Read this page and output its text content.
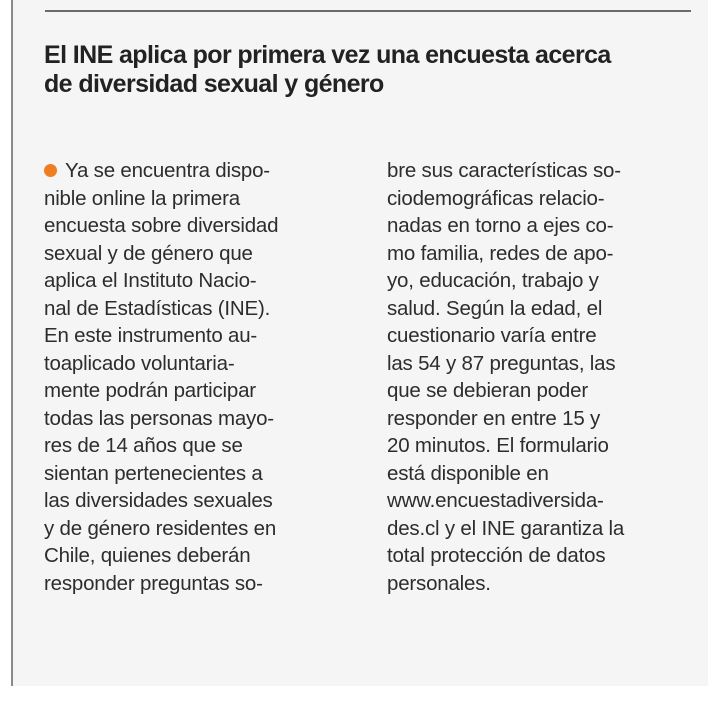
El INE aplica por primera vez una encuesta acerca
de diversidad sexual y género
Ya se encuentra dispo-
nible online la primera
encuesta sobre diversidad
sexual y de género que
aplica el Instituto Nacio-
nal de Estadísticas (INE).
En este instrumento au-
toaplicado voluntaria-
mente podrán participar
todas las personas mayo-
res de 14 años que se
sientan pertenecientes a
las diversidades sexuales
y de género residentes en
Chile, quienes deberán
responder preguntas so-
bre sus características so-
ciodemográficas relacio-
nadas en torno a ejes co-
mo familia, redes de apo-
yo, educación, trabajo y
salud. Según la edad, el
cuestionario varía entre
las 54 y 87 preguntas, las
que se debieran poder
responder en entre 15 y
20 minutos. El formulario
está disponible en
www.encuestadiversida-
des.cl y el INE garantiza la
total protección de datos
personales.
